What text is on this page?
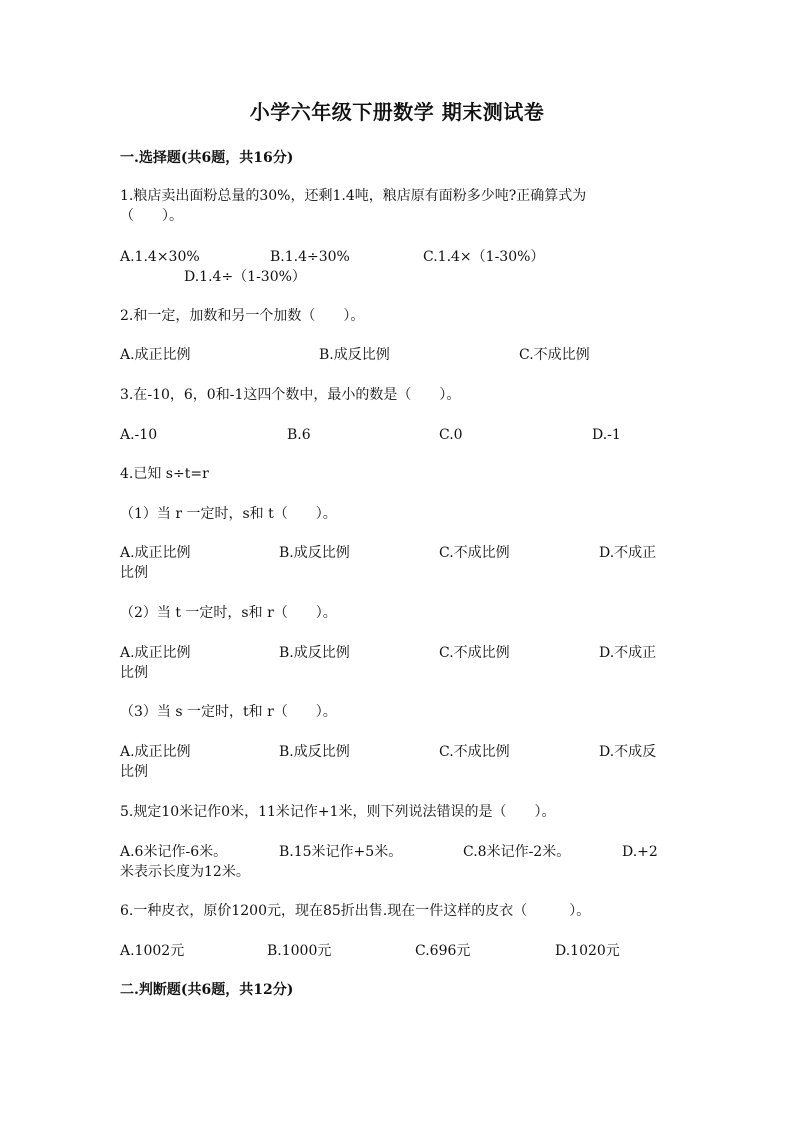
小学六年级下册数学 期末测试卷
一.选择题(共6题，共16分)
1.粮店卖出面粉总量的30%，还剩1.4吨，粮店原有面粉多少吨?正确算式为
（　　）。
A.1.4×30%	B.1.4÷30%	C.1.4×（1-30%）
D.1.4÷（1-30%）
2.和一定，加数和另一个加数（　　）。
A.成正比例	B.成反比例	C.不成比例
3.在-10，6，0和-1这四个数中，最小的数是（　　）。
A.-10	B.6	C.0	D.-1
4.已知 s÷t=r
（1）当 r 一定时，s和 t（　　）。
A.成正比例	B.成反比例	C.不成比例	D.不成正
比例
（2）当 t 一定时，s和 r（　　）。
A.成正比例	B.成反比例	C.不成比例	D.不成正
比例
（3）当 s 一定时，t和 r（　　）。
A.成正比例	B.成反比例	C.不成比例	D.不成反
比例
5.规定10米记作0米，11米记作+1米，则下列说法错误的是（　　）。
A.6米记作-6米。	B.15米记作+5米。	C.8米记作-2米。	D.+2
米表示长度为12米。
6.一种皮衣，原价1200元，现在85折出售.现在一件这样的皮衣（　　　）。
A.1002元	B.1000元	C.696元	D.1020元
二.判断题(共6题，共12分)
